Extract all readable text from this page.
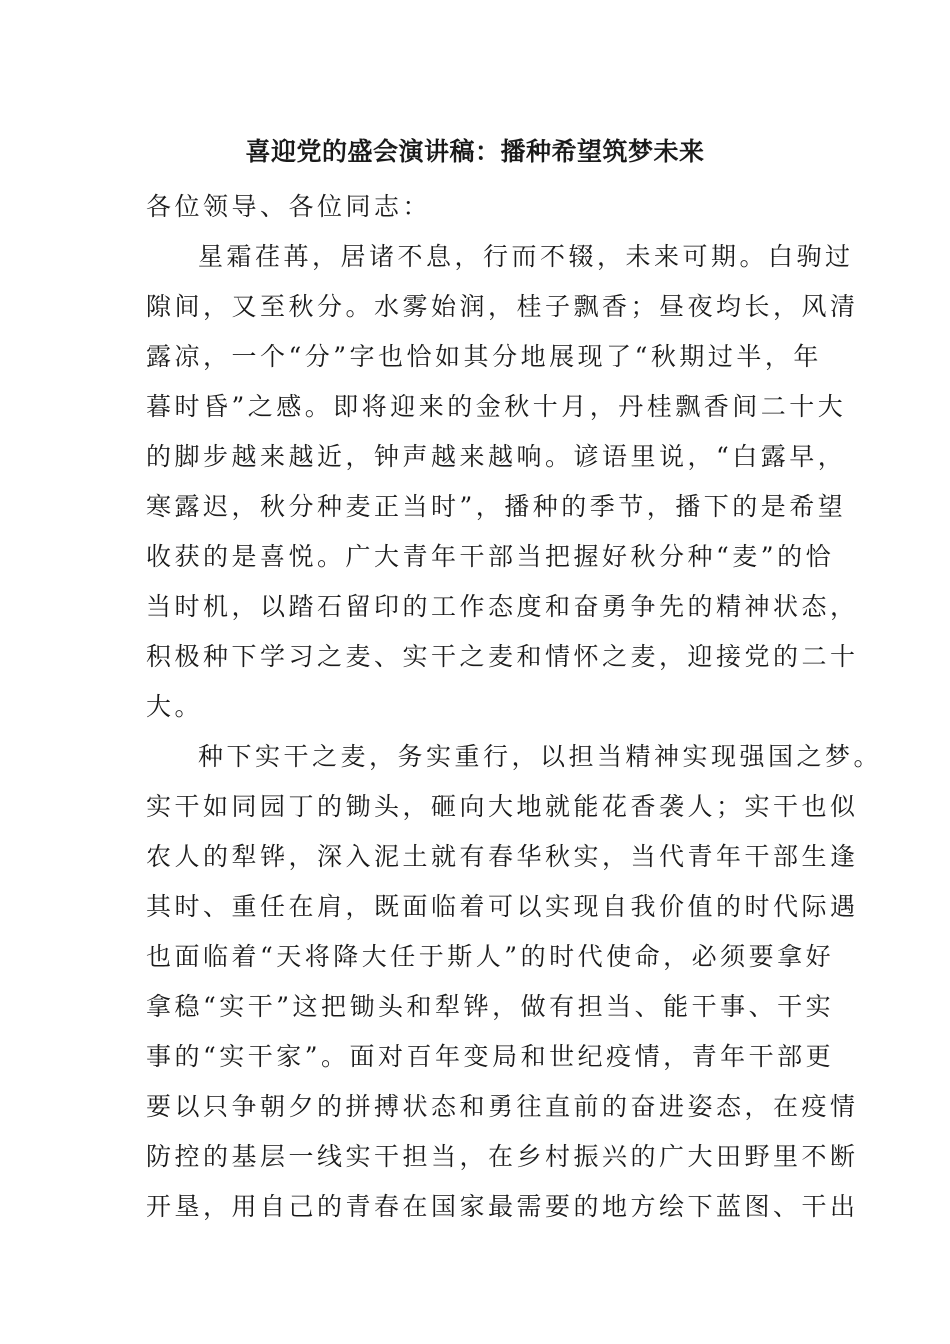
喜迎党的盛会演讲稿：播种希望筑梦未来
各位领导、各位同志：
星霜荏苒，居诸不息，行而不辍，未来可期。白驹过
隙间，又至秋分。水雾始润，桂子飘香；昼夜均长，风清
露凉，一个“分”字也恰如其分地展现了“秋期过半，年
暮时昏”之感。即将迎来的金秋十月，丹桂飘香间二十大
的脚步越来越近，钟声越来越响。谚语里说，“白露早，
寒露迟，秋分种麦正当时”，播种的季节，播下的是希望
收获的是喜悦。广大青年干部当把握好秋分种“麦”的恰
当时机，以踏石留印的工作态度和奋勇争先的精神状态，
积极种下学习之麦、实干之麦和情怀之麦，迎接党的二十
大。
种下实干之麦，务实重行，以担当精神实现强国之梦。
实干如同园丁的锄头，砸向大地就能花香袭人；实干也似
农人的犁铧，深入泥土就有春华秋实，当代青年干部生逢
其时、重任在肩，既面临着可以实现自我价值的时代际遇
也面临着“天将降大任于斯人”的时代使命，必须要拿好
拿稳“实干”这把锄头和犁铧，做有担当、能干事、干实
事的“实干家”。面对百年变局和世纪疫情，青年干部更
要以只争朝夕的拼搏状态和勇往直前的奋进姿态，在疫情
防控的基层一线实干担当，在乡村振兴的广大田野里不断
开垦，用自己的青春在国家最需要的地方绘下蓝图、干出
